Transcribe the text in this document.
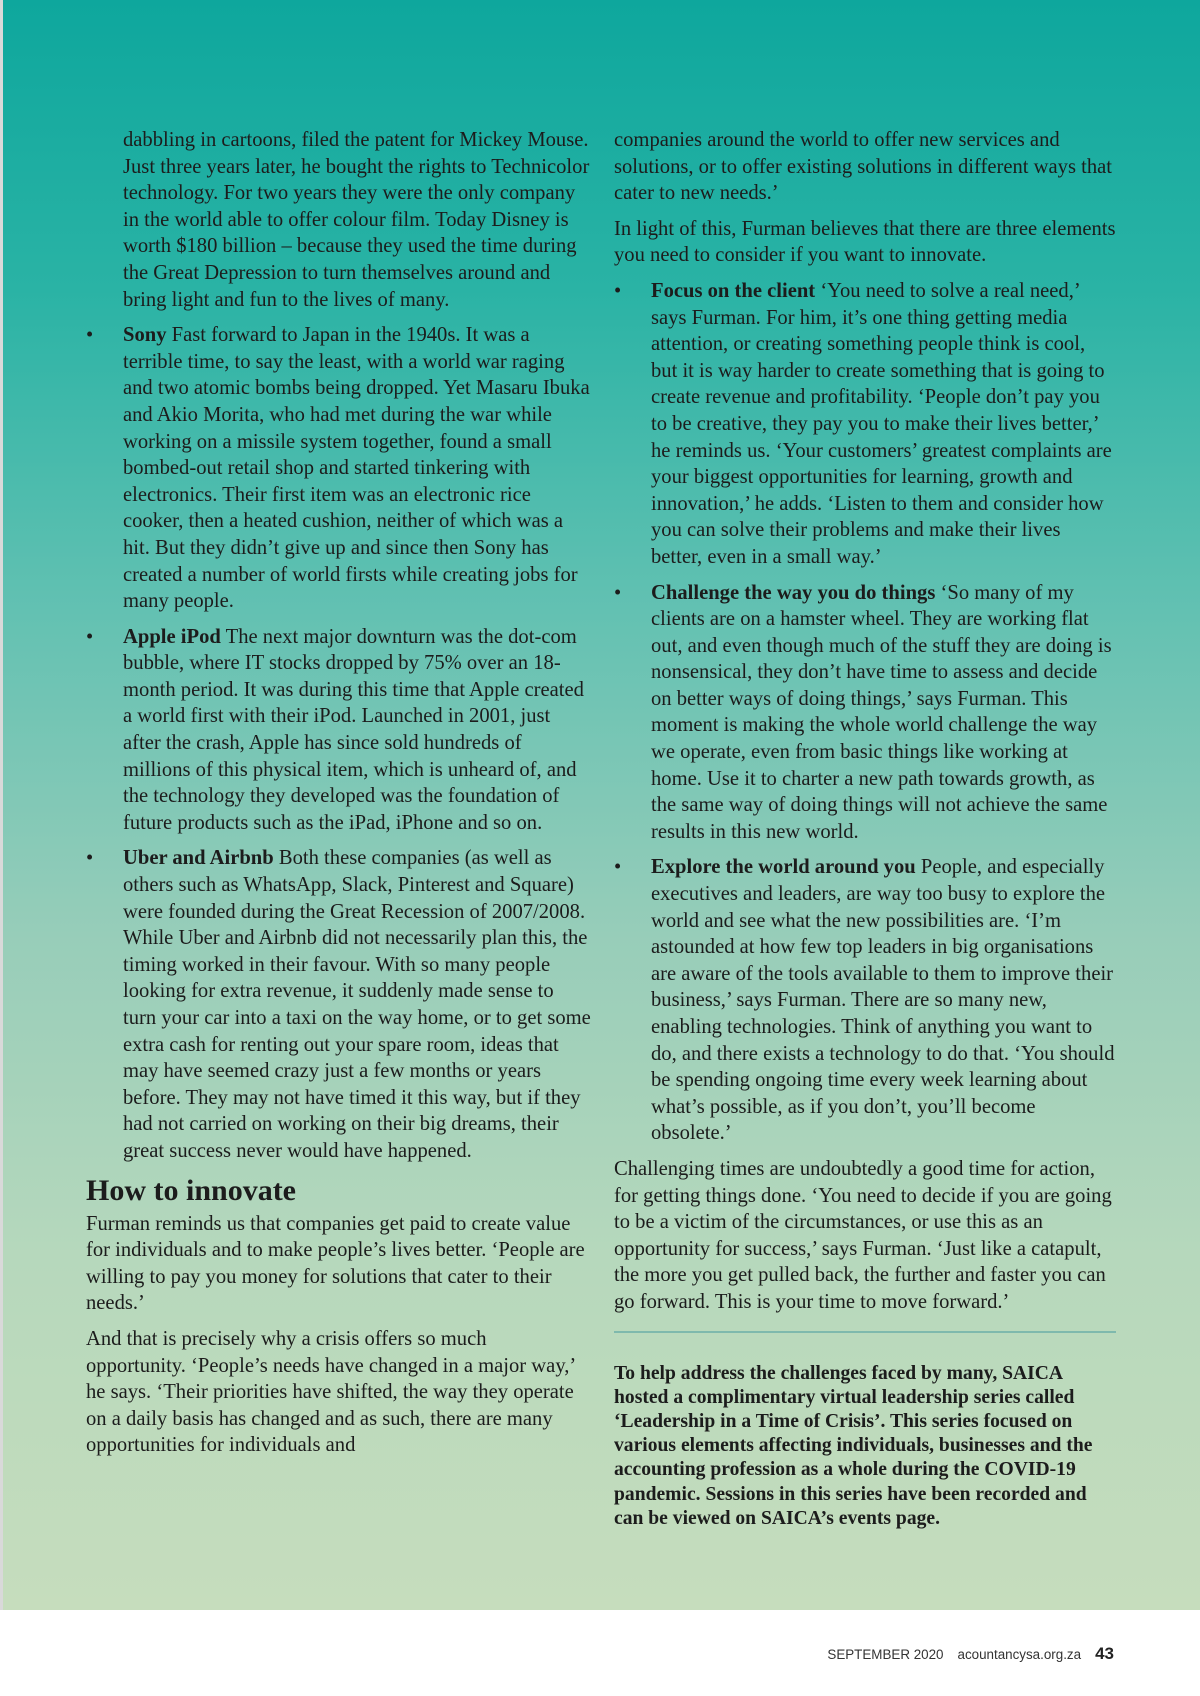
dabbling in cartoons, filed the patent for Mickey Mouse. Just three years later, he bought the rights to Technicolor technology. For two years they were the only company in the world able to offer colour film. Today Disney is worth $180 billion – because they used the time during the Great Depression to turn themselves around and bring light and fun to the lives of many.
•	Sony Fast forward to Japan in the 1940s. It was a terrible time, to say the least, with a world war raging and two atomic bombs being dropped. Yet Masaru Ibuka and Akio Morita, who had met during the war while working on a missile system together, found a small bombed-out retail shop and started tinkering with electronics. Their first item was an electronic rice cooker, then a heated cushion, neither of which was a hit. But they didn’t give up and since then Sony has created a number of world firsts while creating jobs for many people.
•	Apple iPod The next major downturn was the dot-com bubble, where IT stocks dropped by 75% over an 18-month period. It was during this time that Apple created a world first with their iPod. Launched in 2001, just after the crash, Apple has since sold hundreds of millions of this physical item, which is unheard of, and the technology they developed was the foundation of future products such as the iPad, iPhone and so on.
•	Uber and Airbnb Both these companies (as well as others such as WhatsApp, Slack, Pinterest and Square) were founded during the Great Recession of 2007/2008. While Uber and Airbnb did not necessarily plan this, the timing worked in their favour. With so many people looking for extra revenue, it suddenly made sense to turn your car into a taxi on the way home, or to get some extra cash for renting out your spare room, ideas that may have seemed crazy just a few months or years before. They may not have timed it this way, but if they had not carried on working on their big dreams, their great success never would have happened.
How to innovate
Furman reminds us that companies get paid to create value for individuals and to make people’s lives better. ‘People are willing to pay you money for solutions that cater to their needs.’
And that is precisely why a crisis offers so much opportunity. ‘People’s needs have changed in a major way,’ he says. ‘Their priorities have shifted, the way they operate on a daily basis has changed and as such, there are many opportunities for individuals and
companies around the world to offer new services and solutions, or to offer existing solutions in different ways that cater to new needs.’
In light of this, Furman believes that there are three elements you need to consider if you want to innovate.
•	Focus on the client ‘You need to solve a real need,’ says Furman. For him, it’s one thing getting media attention, or creating something people think is cool, but it is way harder to create something that is going to create revenue and profitability. ‘People don’t pay you to be creative, they pay you to make their lives better,’ he reminds us. ‘Your customers’ greatest complaints are your biggest opportunities for learning, growth and innovation,’ he adds. ‘Listen to them and consider how you can solve their problems and make their lives better, even in a small way.’
•	Challenge the way you do things ‘So many of my clients are on a hamster wheel. They are working flat out, and even though much of the stuff they are doing is nonsensical, they don’t have time to assess and decide on better ways of doing things,’ says Furman. This moment is making the whole world challenge the way we operate, even from basic things like working at home. Use it to charter a new path towards growth, as the same way of doing things will not achieve the same results in this new world.
•	Explore the world around you People, and especially executives and leaders, are way too busy to explore the world and see what the new possibilities are. ‘I’m astounded at how few top leaders in big organisations are aware of the tools available to them to improve their business,’ says Furman. There are so many new, enabling technologies. Think of anything you want to do, and there exists a technology to do that. ‘You should be spending ongoing time every week learning about what’s possible, as if you don’t, you’ll become obsolete.’
Challenging times are undoubtedly a good time for action, for getting things done. ‘You need to decide if you are going to be a victim of the circumstances, or use this as an opportunity for success,’ says Furman. ‘Just like a catapult, the more you get pulled back, the further and faster you can go forward. This is your time to move forward.’
To help address the challenges faced by many, SAICA hosted a complimentary virtual leadership series called ‘Leadership in a Time of Crisis’. This series focused on various elements affecting individuals, businesses and the accounting profession as a whole during the COVID-19 pandemic. Sessions in this series have been recorded and can be viewed on SAICA’s events page.
SEPTEMBER 2020 acountancysa.org.za 43
